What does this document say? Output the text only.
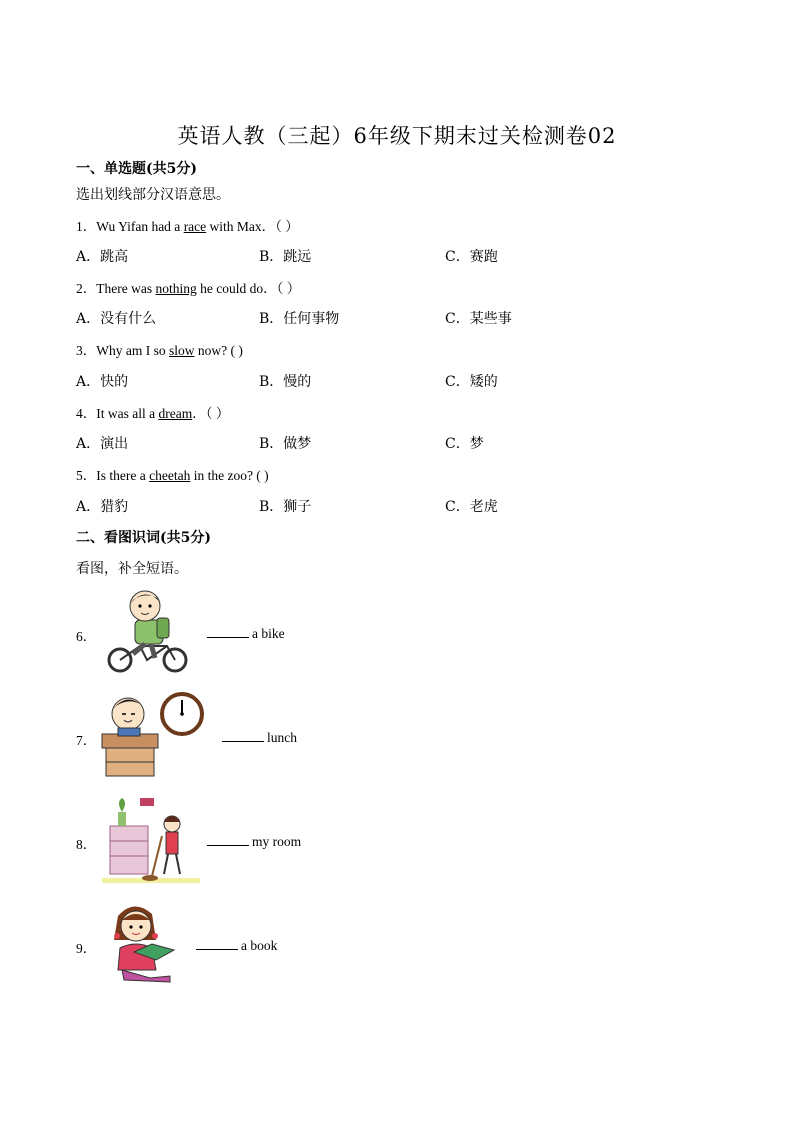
英语人教（三起）6年级下期末过关检测卷02
一、单选题(共5分)
选出划线部分汉语意思。
1．Wu Yifan had a race with Max．（ ）
A．跳高	B．跳远	C．赛跑
2．There was nothing he could do．（ ）
A．没有什么	B．任何事物	C．某些事
3．Why am I so slow now? ( )
A．快的	B．慢的	C．矮的
4．It was all a dream．（ ）
A．演出	B．做梦	C．梦
5．Is there a cheetah in the zoo? ( )
A．猎豹	B．狮子	C．老虎
二、看图识词(共5分)
看图，补全短语。
6．	a bike
7．	lunch
8．	my room
9．	a book
